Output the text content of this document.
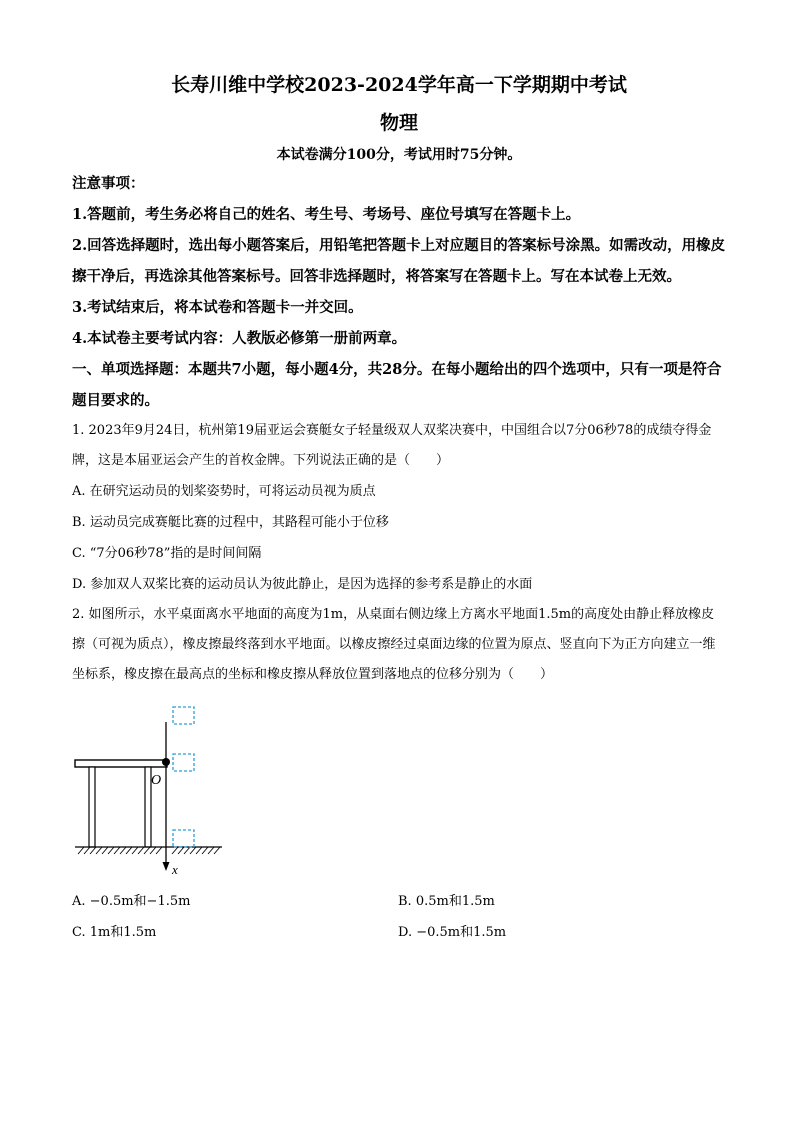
长寿川维中学校2023-2024学年高一下学期期中考试

物理

本试卷满分100分，考试用时75分钟。

注意事项：

1.答题前，考生务必将自己的姓名、考生号、考场号、座位号填写在答题卡上。

2.回答选择题时，选出每小题答案后，用铅笔把答题卡上对应题目的答案标号涂黑。如需改动，用橡皮擦干净后，再选涂其他答案标号。回答非选择题时，将答案写在答题卡上。写在本试卷上无效。

3.考试结束后，将本试卷和答题卡一并交回。

4.本试卷主要考试内容：人教版必修第一册前两章。

一、单项选择题：本题共7小题，每小题4分，共28分。在每小题给出的四个选项中，只有一项是符合题目要求的。

1. 2023年9月24日，杭州第19届亚运会赛艇女子轻量级双人双桨决赛中，中国组合以7分06秒78的成绩夺得金牌，这是本届亚运会产生的首枚金牌。下列说法正确的是（　　）

A. 在研究运动员的划桨姿势时，可将运动员视为质点

B. 运动员完成赛艇比赛的过程中，其路程可能小于位移

C. “7分06秒78”指的是时间间隔

D. 参加双人双桨比赛的运动员认为彼此静止，是因为选择的参考系是静止的水面

2. 如图所示，水平桌面离水平地面的高度为1m，从桌面右侧边缘上方离水平地面1.5m的高度处由静止释放橡皮擦（可视为质点），橡皮擦最终落到水平地面。以橡皮擦经过桌面边缘的位置为原点、竖直向下为正方向建立一维坐标系，橡皮擦在最高点的坐标和橡皮擦从释放位置到落地点的位移分别为（　　）

O
x

A. −0.5m和−1.5m	B. 0.5m和1.5m

C. 1m和1.5m	D. −0.5m和1.5m
